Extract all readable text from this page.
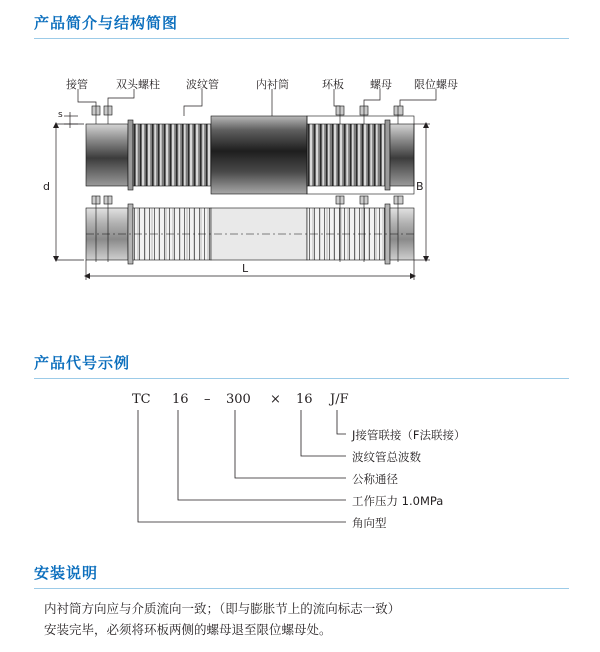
产品简介与结构简图
接管	双头螺柱 波纹管	内衬筒	环板 螺母 限位螺母
s
d	B
L
产品代号示例
TC 16 – 300 × 16 J/F
J接管联接（F法联接）
波纹管总波数
公称通径
工作压力 1.0MPa
角向型
安装说明
内衬筒方向应与介质流向一致；（即与膨胀节上的流向标志一致）
安装完毕，必须将环板两侧的螺母退至限位螺母处。
